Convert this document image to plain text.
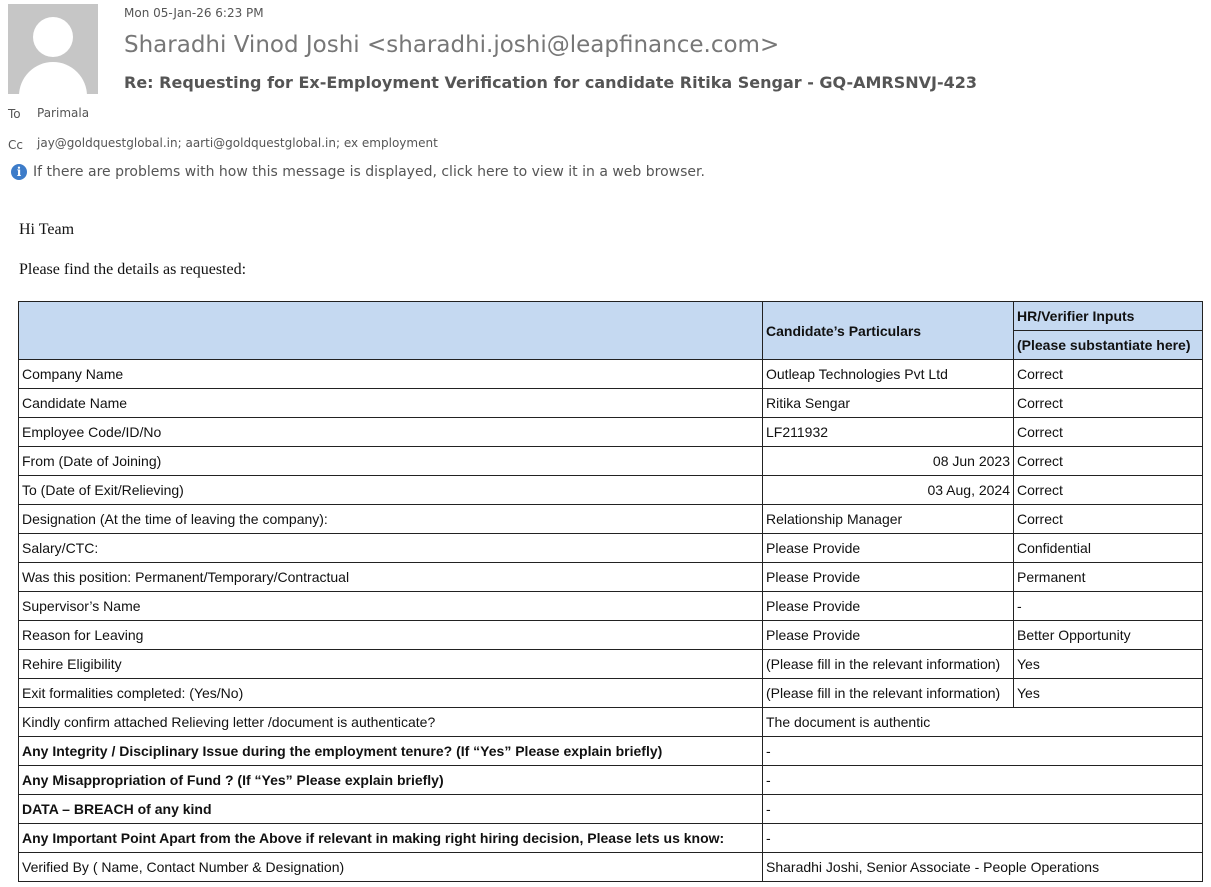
Mon 05-Jan-26 6:23 PM
Sharadhi Vinod Joshi <sharadhi.joshi@leapfinance.com>
Re: Requesting for Ex-Employment Verification for candidate Ritika Sengar - GQ-AMRSNVJ-423
To Parimala
Cc jay@goldquestglobal.in; aarti@goldquestglobal.in; ex employment
i If there are problems with how this message is displayed, click here to view it in a web browser.
Hi Team
Please find the details as requested:
	Candidate’s Particulars	HR/Verifier Inputs
		(Please substantiate here)
Company Name	Outleap Technologies Pvt Ltd	Correct
Candidate Name	Ritika Sengar	Correct
Employee Code/ID/No	LF211932	Correct
From (Date of Joining)	08 Jun 2023	Correct
To (Date of Exit/Relieving)	03 Aug, 2024	Correct
Designation (At the time of leaving the company):	Relationship Manager	Correct
Salary/CTC:	Please Provide	Confidential
Was this position: Permanent/Temporary/Contractual	Please Provide	Permanent
Supervisor’s Name	Please Provide	-
Reason for Leaving	Please Provide	Better Opportunity
Rehire Eligibility	(Please fill in the relevant information)	Yes
Exit formalities completed: (Yes/No)	(Please fill in the relevant information)	Yes
Kindly confirm attached Relieving letter /document is authenticate?	The document is authentic	
Any Integrity / Disciplinary Issue during the employment tenure? (If “Yes” Please explain briefly)	-	
Any Misappropriation of Fund ? (If “Yes” Please explain briefly)	-	
DATA – BREACH of any kind	-	
Any Important Point Apart from the Above if relevant in making right hiring decision, Please lets us know:	-	
Verified By ( Name, Contact Number & Designation)	Sharadhi Joshi, Senior Associate - People Operations	
